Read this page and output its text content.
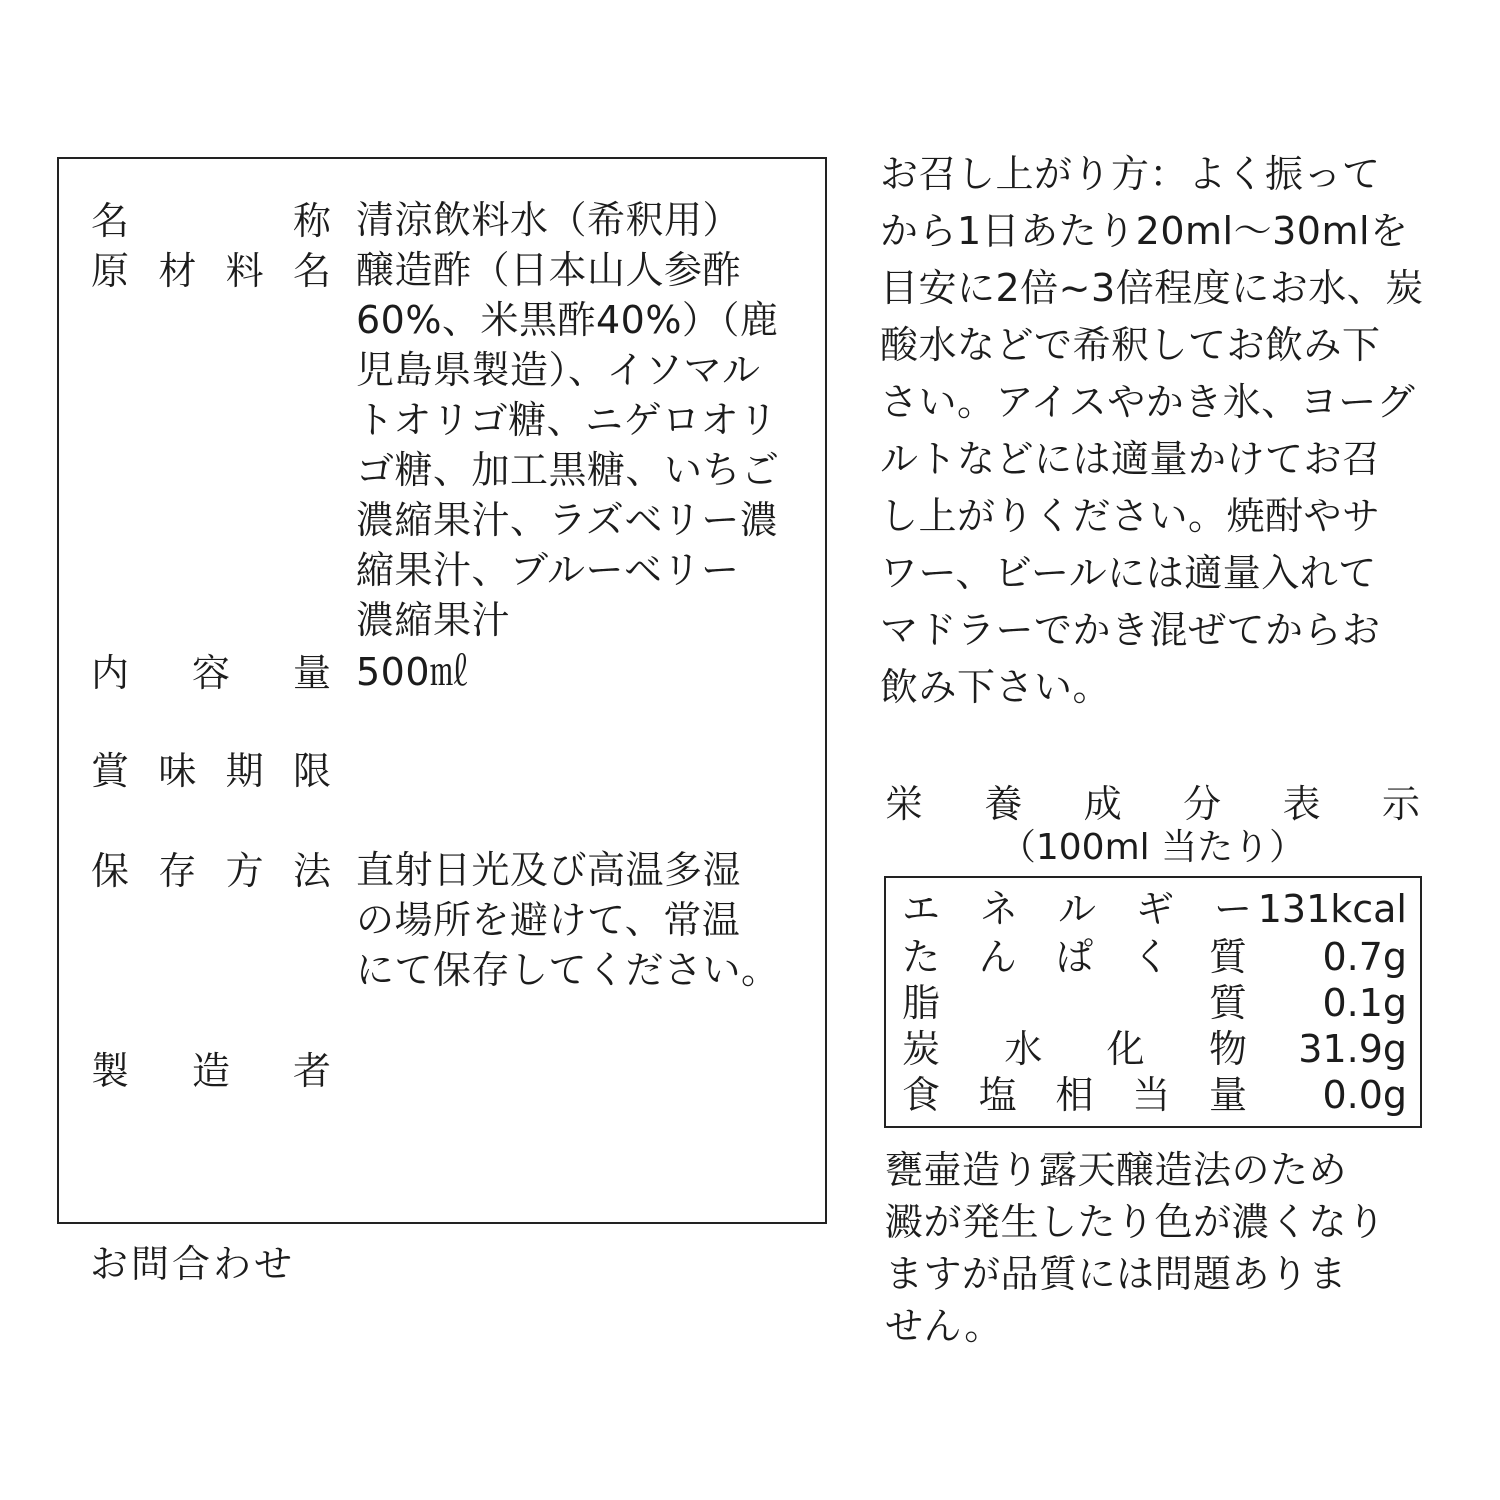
名	称 清涼飲料水（希釈用）
原 材 料 名 醸造酢（日本山人参酢
60%、米黒酢40%）（鹿
児島県製造）、イソマル
トオリゴ糖、ニゲロオリ
ゴ糖、加工黒糖、いちご
濃縮果汁、ラズベリー濃
縮果汁、ブルーベリー
濃縮果汁
内 容 量 500㎖
賞 味 期 限
保 存 方 法 直射日光及び高温多湿
の場所を避けて、常温
にて保存してください。
製 造 者
お問合わせ
お召し上がり方：よく振って
から1日あたり20ml〜30mlを
目安に2倍~3倍程度にお水、炭
酸水などで希釈してお飲み下
さい。アイスやかき氷、ヨーグ
ルトなどには適量かけてお召
し上がりください。焼酎やサ
ワー、ビールには適量入れて
マドラーでかき混ぜてからお
飲み下さい。
栄 養 成 分 表 示
（100ml 当たり）
エ ネ ル ギ ー 131kcal
た ん ぱ く 質 0.7g
脂	質 0.1g
炭 水 化 物 31.9g
食 塩 相 当 量 0.0g
甕壷造り露天醸造法のため
澱が発生したり色が濃くなり
ますが品質には問題ありま
せん。
